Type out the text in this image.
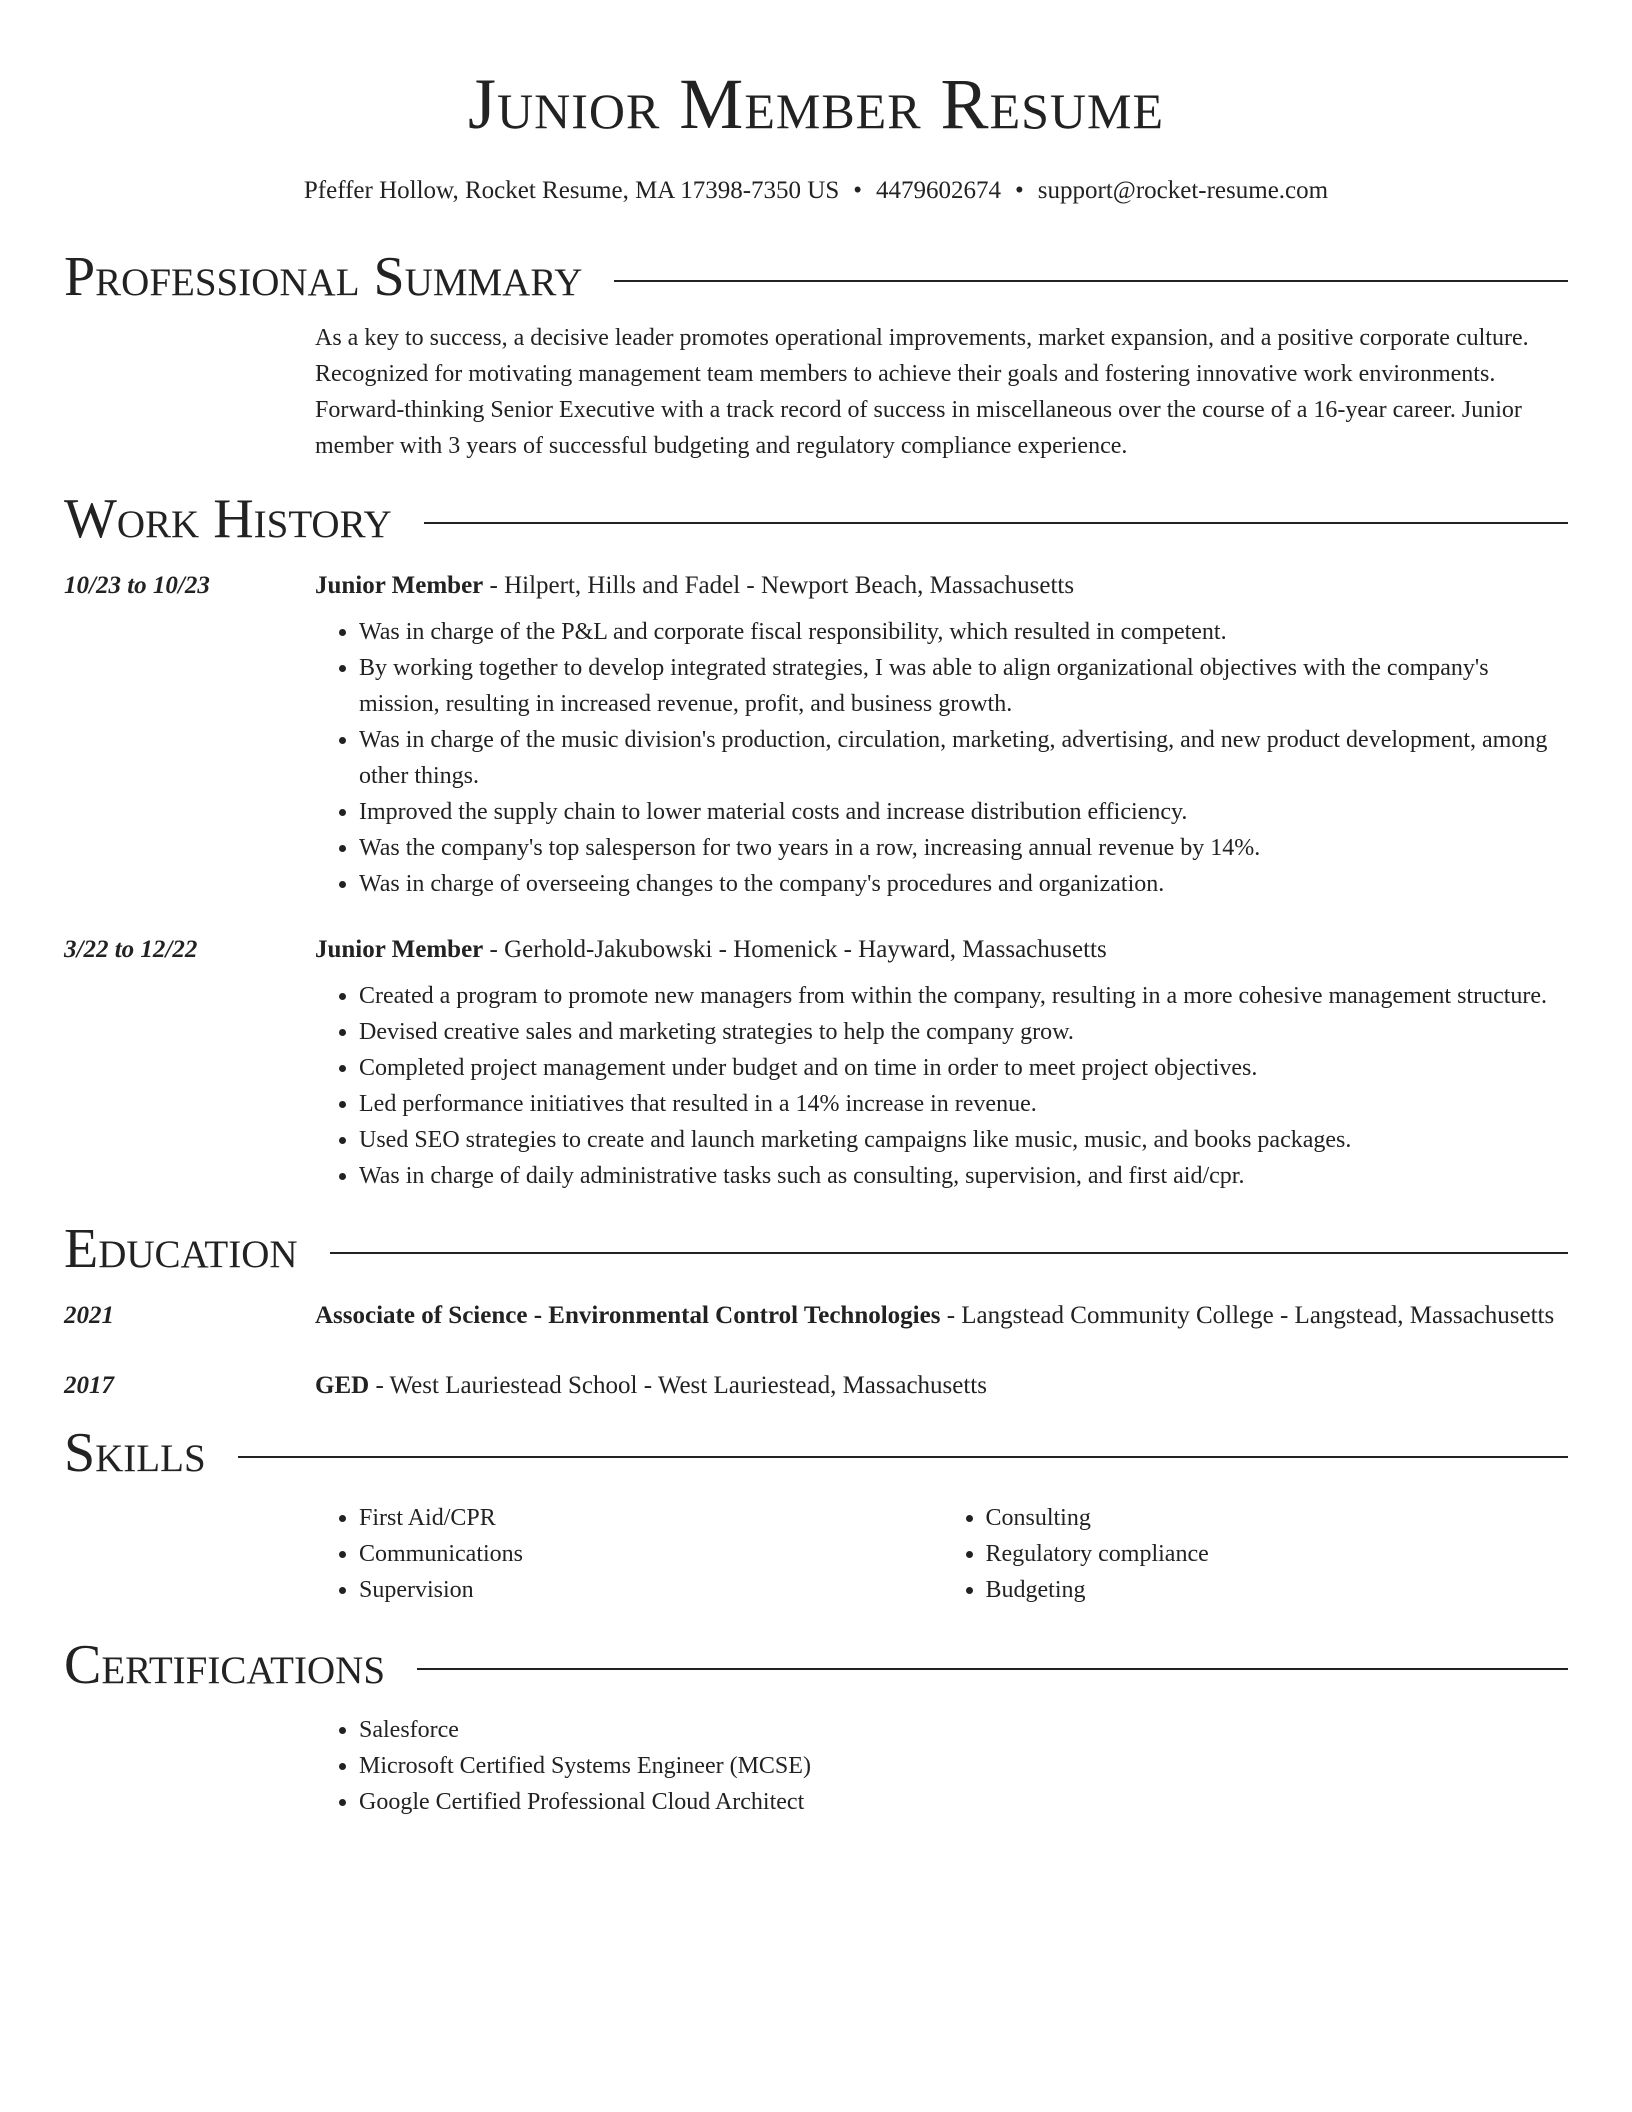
Junior Member Resume
Pfeffer Hollow, Rocket Resume, MA 17398-7350 US • 4479602674 • support@rocket-resume.com
Professional Summary
As a key to success, a decisive leader promotes operational improvements, market expansion, and a positive corporate culture. Recognized for motivating management team members to achieve their goals and fostering innovative work environments. Forward-thinking Senior Executive with a track record of success in miscellaneous over the course of a 16-year career. Junior member with 3 years of successful budgeting and regulatory compliance experience.
Work History
10/23 to 10/23	Junior Member - Hilpert, Hills and Fadel - Newport Beach, Massachusetts
• Was in charge of the P&L and corporate fiscal responsibility, which resulted in competent.
• By working together to develop integrated strategies, I was able to align organizational objectives with the company's mission, resulting in increased revenue, profit, and business growth.
• Was in charge of the music division's production, circulation, marketing, advertising, and new product development, among other things.
• Improved the supply chain to lower material costs and increase distribution efficiency.
• Was the company's top salesperson for two years in a row, increasing annual revenue by 14%.
• Was in charge of overseeing changes to the company's procedures and organization.
3/22 to 12/22	Junior Member - Gerhold-Jakubowski - Homenick - Hayward, Massachusetts
• Created a program to promote new managers from within the company, resulting in a more cohesive management structure.
• Devised creative sales and marketing strategies to help the company grow.
• Completed project management under budget and on time in order to meet project objectives.
• Led performance initiatives that resulted in a 14% increase in revenue.
• Used SEO strategies to create and launch marketing campaigns like music, music, and books packages.
• Was in charge of daily administrative tasks such as consulting, supervision, and first aid/cpr.
Education
2021	Associate of Science - Environmental Control Technologies - Langstead Community College - Langstead, Massachusetts
2017	GED - West Lauriestead School - West Lauriestead, Massachusetts
Skills
• First Aid/CPR
• Communications
• Supervision
• Consulting
• Regulatory compliance
• Budgeting
Certifications
• Salesforce
• Microsoft Certified Systems Engineer (MCSE)
• Google Certified Professional Cloud Architect
